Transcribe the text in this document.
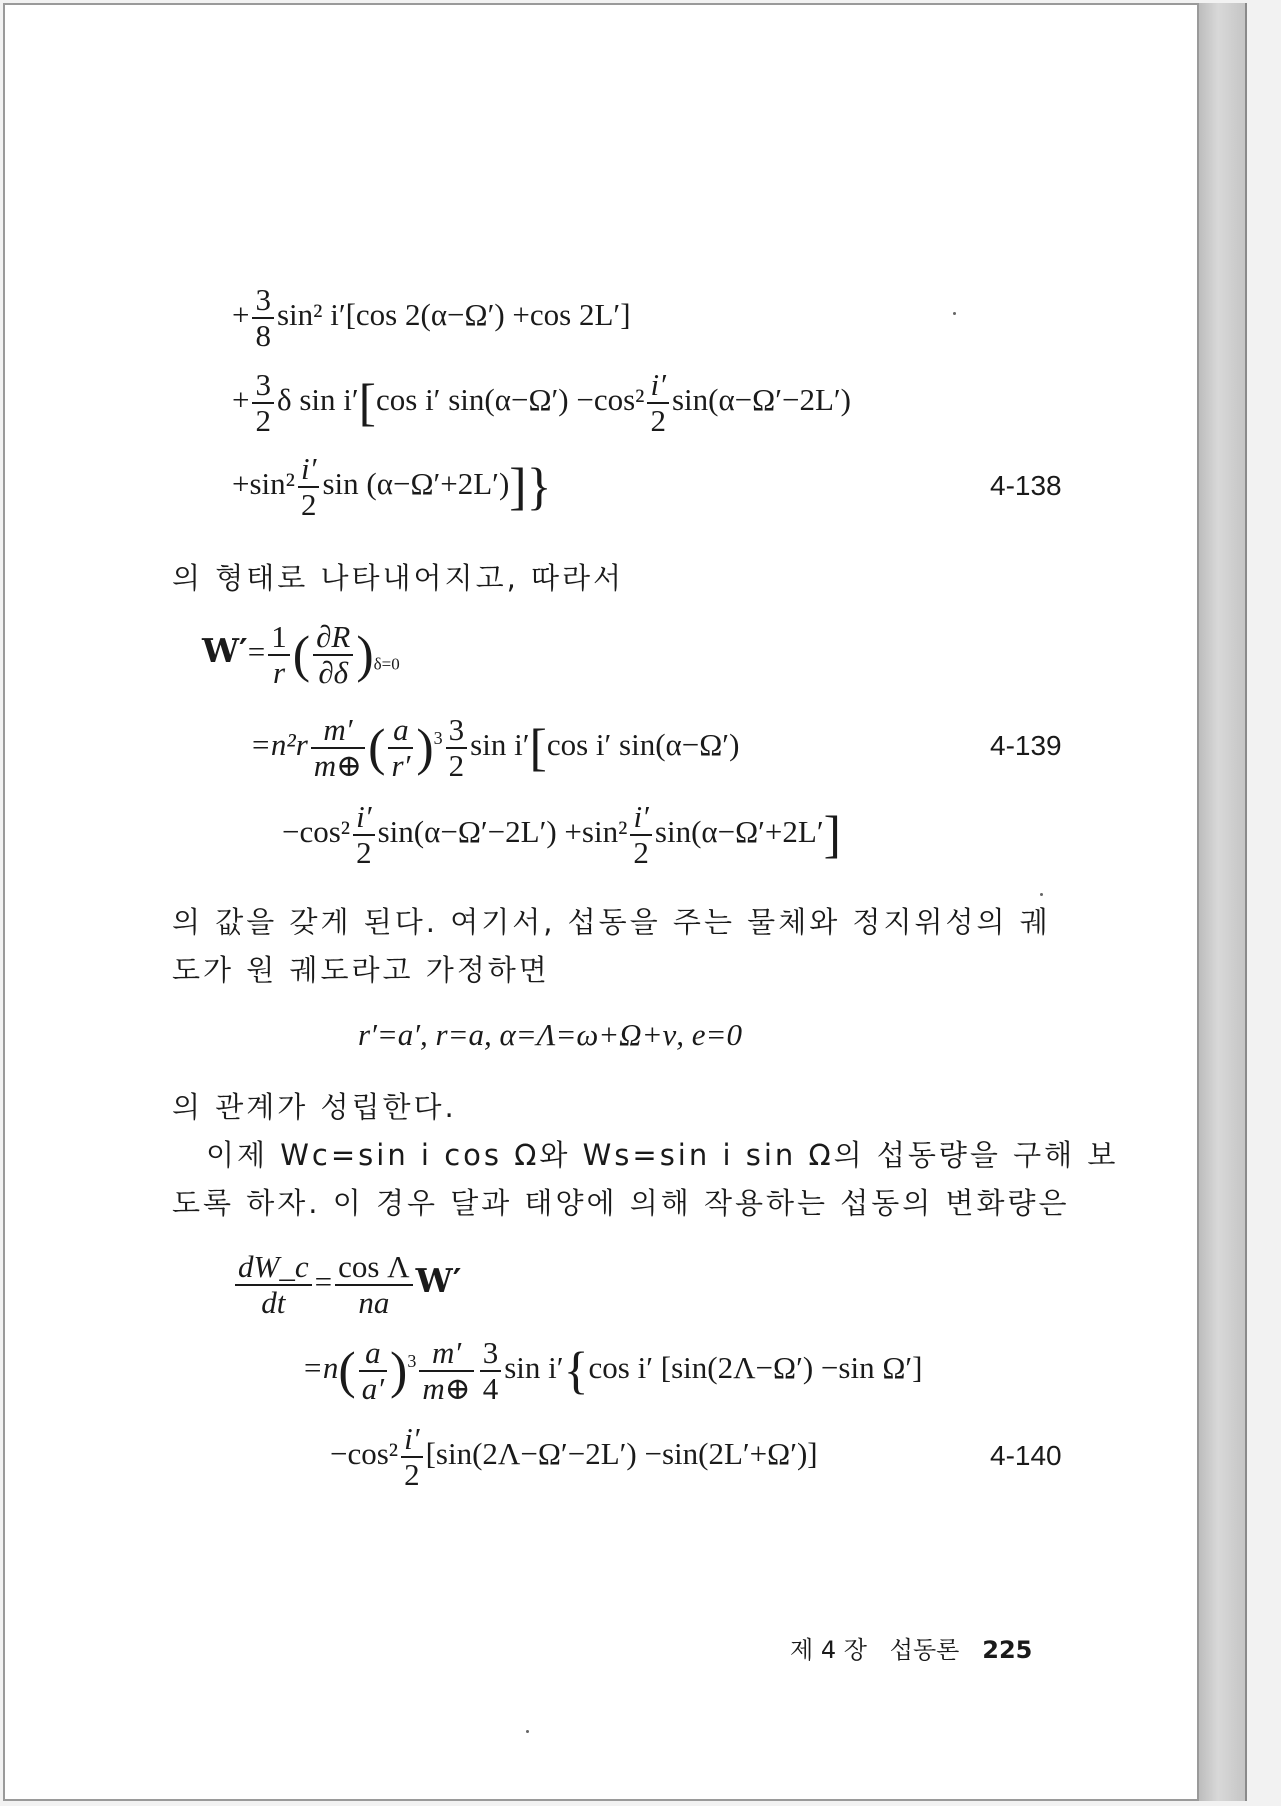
+ $\frac{3}{8} \sin^2$ i′[cos 2(α−Ω′) +cos 2L′]
+ $\frac{3}{2}$ δ sin i′[cos i′ $\sin(\alpha-\Omega') -\cos^2 \frac{i'}{2} \sin(\alpha-\Omega'-2L')$
$+\sin^2 \frac{i'}{2}$ sin (α−Ω′+2L′)]}	4-138
의 형태로 나타내어지고, 따라서
$W'= \frac{1}{r}$ ( $\frac{\partial R}{\partial\delta} )_{\delta=0}$
$=n^2r \frac{m'}{m\oplus}$ ( $\frac{a}{r'} )^3 \frac{3}{2}$ sin i′[cos i′ sin(α−Ω′)	4-139
$-\cos^2 \frac{i'}{2} \sin(\alpha-\Omega'-2L') +\sin^2 \frac{i'}{2} \sin(\alpha-\Omega'+2L']$
의 값을 갖게 된다. 여기서, 섭동을 주는 물체와 정지위성의 궤
도가 원 궤도라고 가정하면
r′=a′, r=a, α=Λ=ω+Ω+ν, e=0
의 관계가 성립한다.
이제 Wc=sin i cos Ω와 Ws=sin i sin Ω의 섭동량을 구해 보
도록 하자. 이 경우 달과 태양에 의해 작용하는 섭동의 변화량은
$\frac{dW\_c}{dt} = \frac{\text{cos Λ}}{na} W'$
$=n( \frac{a}{a'} )^3 \frac{m'}{m\oplus} \frac{3}{4}$ sin i′{cos i′ [sin(2Λ−Ω′) −sin Ω′]
$-\cos^2 \frac{i'}{2} [\sin(2\Lambda-\Omega'-2L') -\sin(2L'+\Omega')]$	4-140
제 4 장 섭동론 225
